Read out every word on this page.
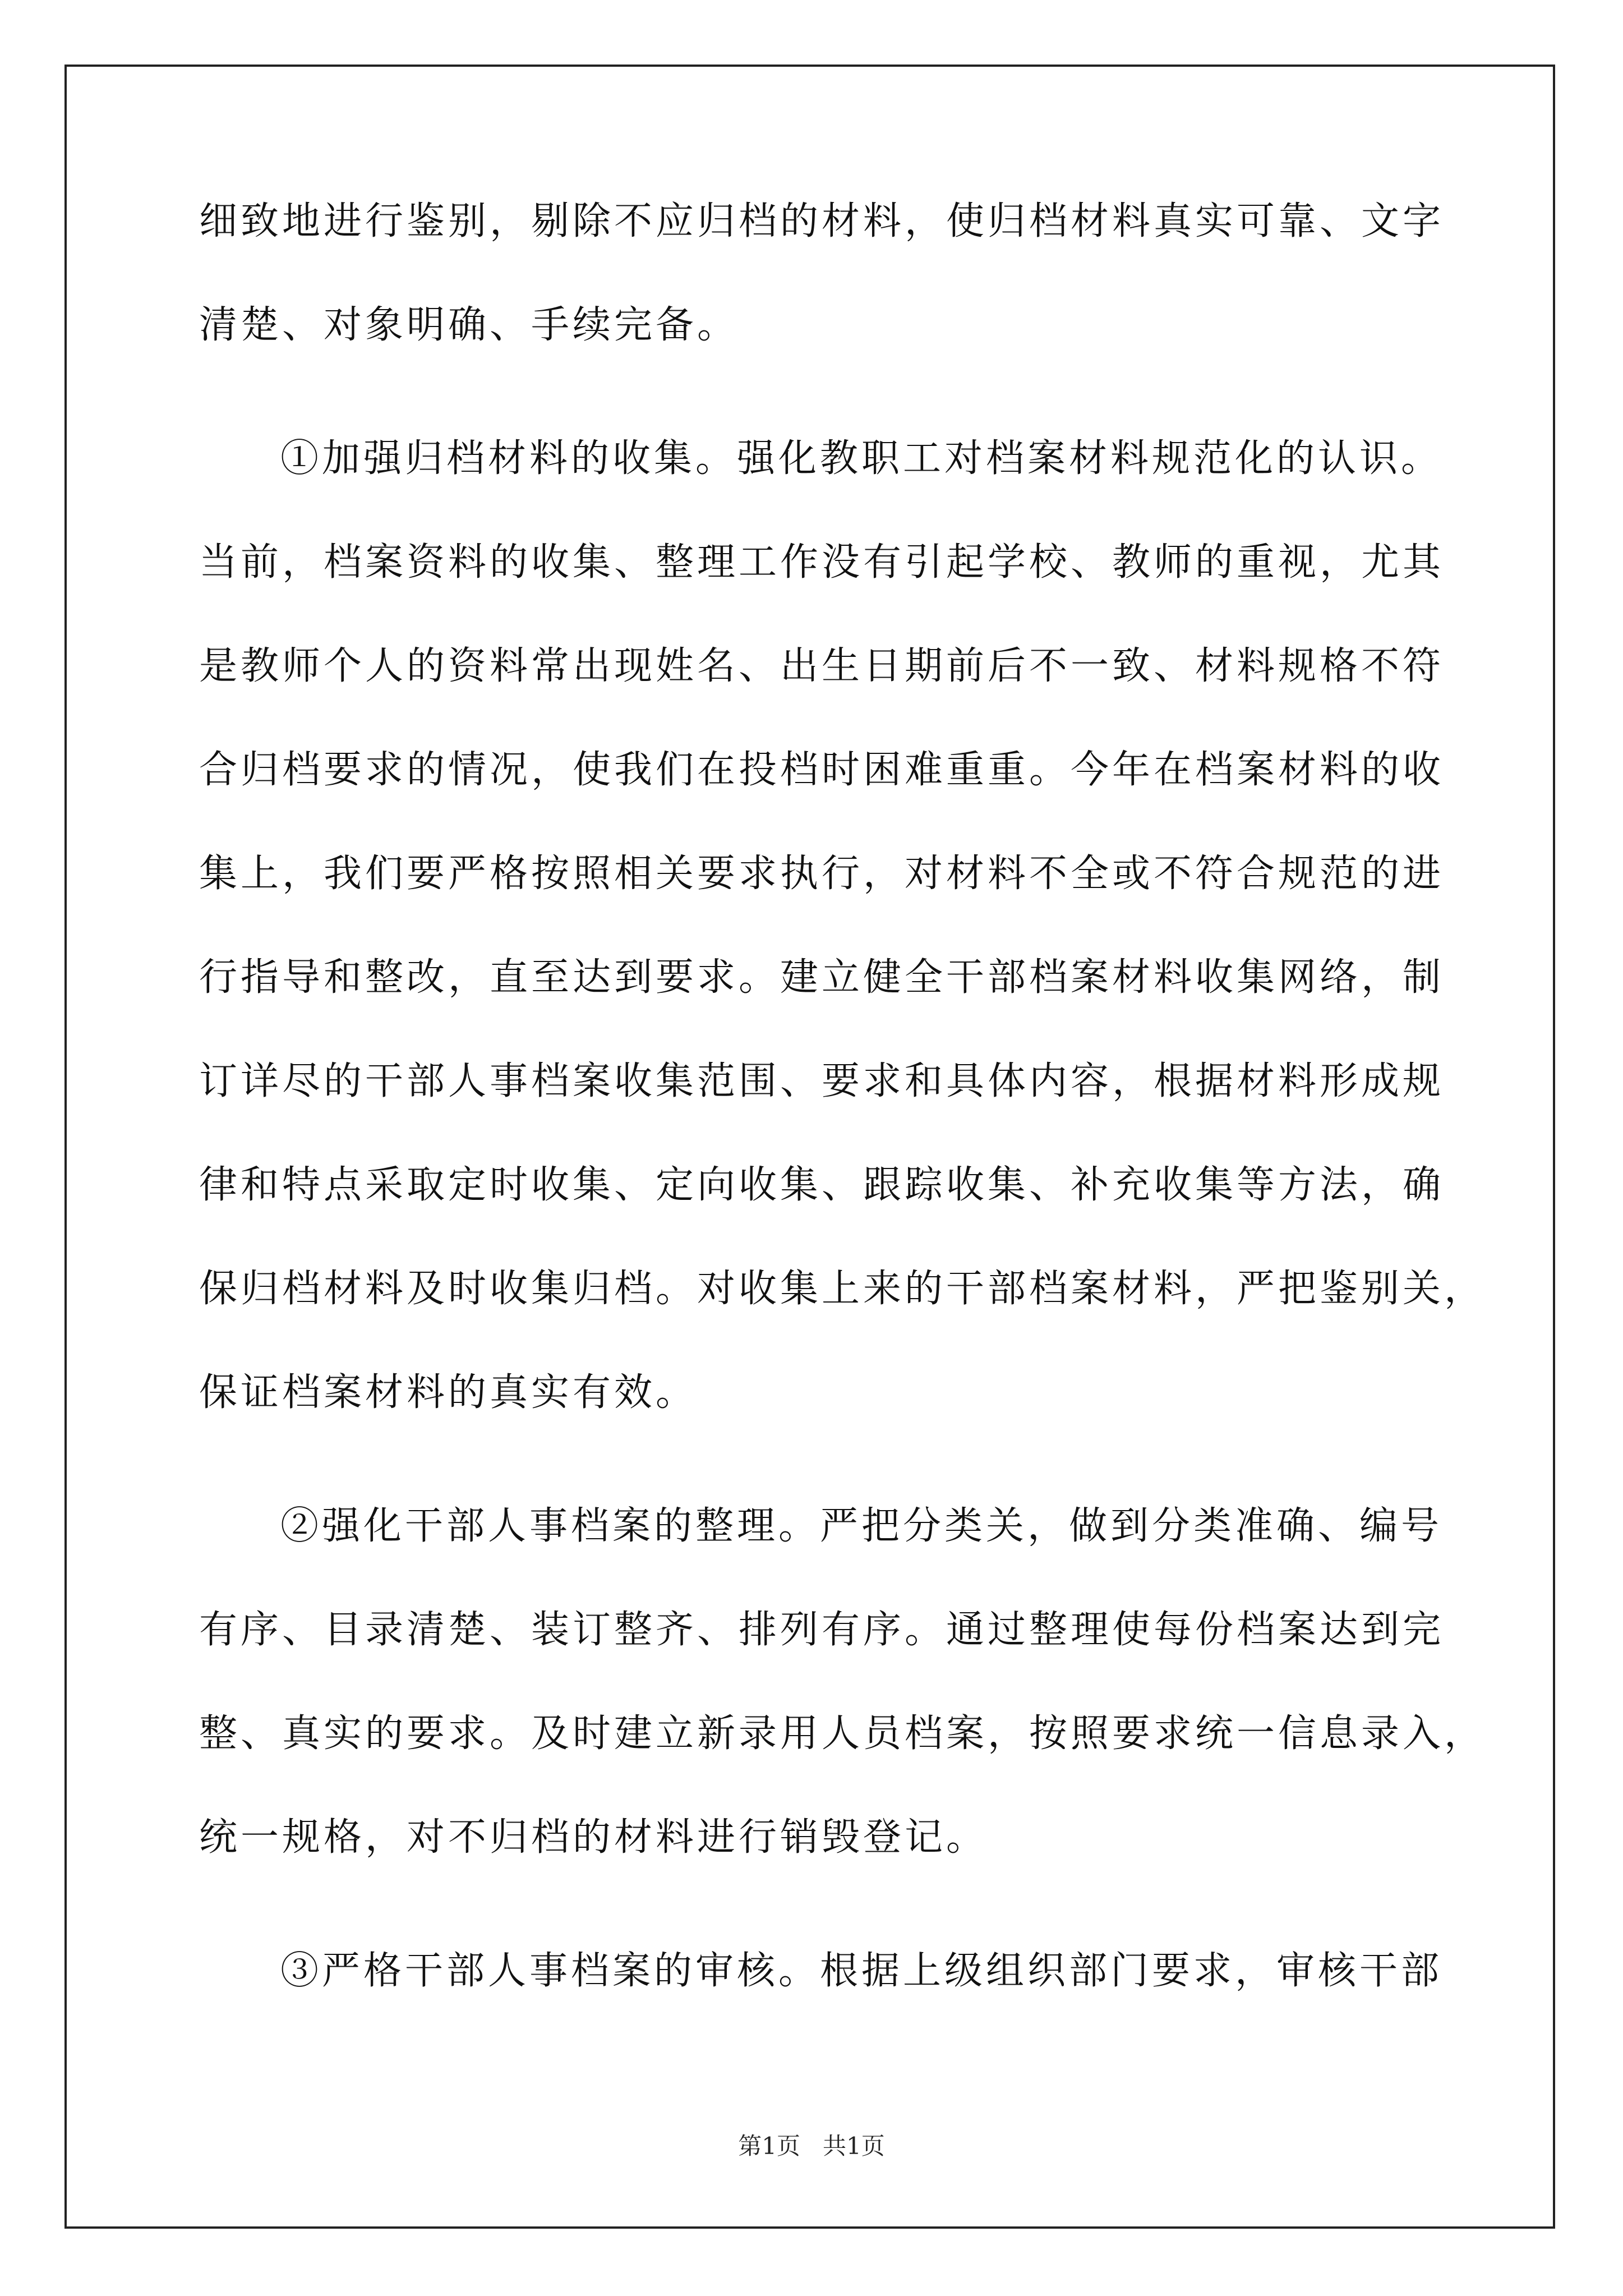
细致地进行鉴别，剔除不应归档的材料，使归档材料真实可靠、文字
清楚、对象明确、手续完备。
①加强归档材料的收集。强化教职工对档案材料规范化的认识。
当前，档案资料的收集、整理工作没有引起学校、教师的重视，尤其
是教师个人的资料常出现姓名、出生日期前后不一致、材料规格不符
合归档要求的情况，使我们在投档时困难重重。今年在档案材料的收
集上，我们要严格按照相关要求执行，对材料不全或不符合规范的进
行指导和整改，直至达到要求。建立健全干部档案材料收集网络，制
订详尽的干部人事档案收集范围、要求和具体内容，根据材料形成规
律和特点采取定时收集、定向收集、跟踪收集、补充收集等方法，确
保归档材料及时收集归档。对收集上来的干部档案材料，严把鉴别关，
保证档案材料的真实有效。
②强化干部人事档案的整理。严把分类关，做到分类准确、编号
有序、目录清楚、装订整齐、排列有序。通过整理使每份档案达到完
整、真实的要求。及时建立新录用人员档案，按照要求统一信息录入，
统一规格，对不归档的材料进行销毁登记。
③严格干部人事档案的审核。根据上级组织部门要求，审核干部
第1页   共1页
